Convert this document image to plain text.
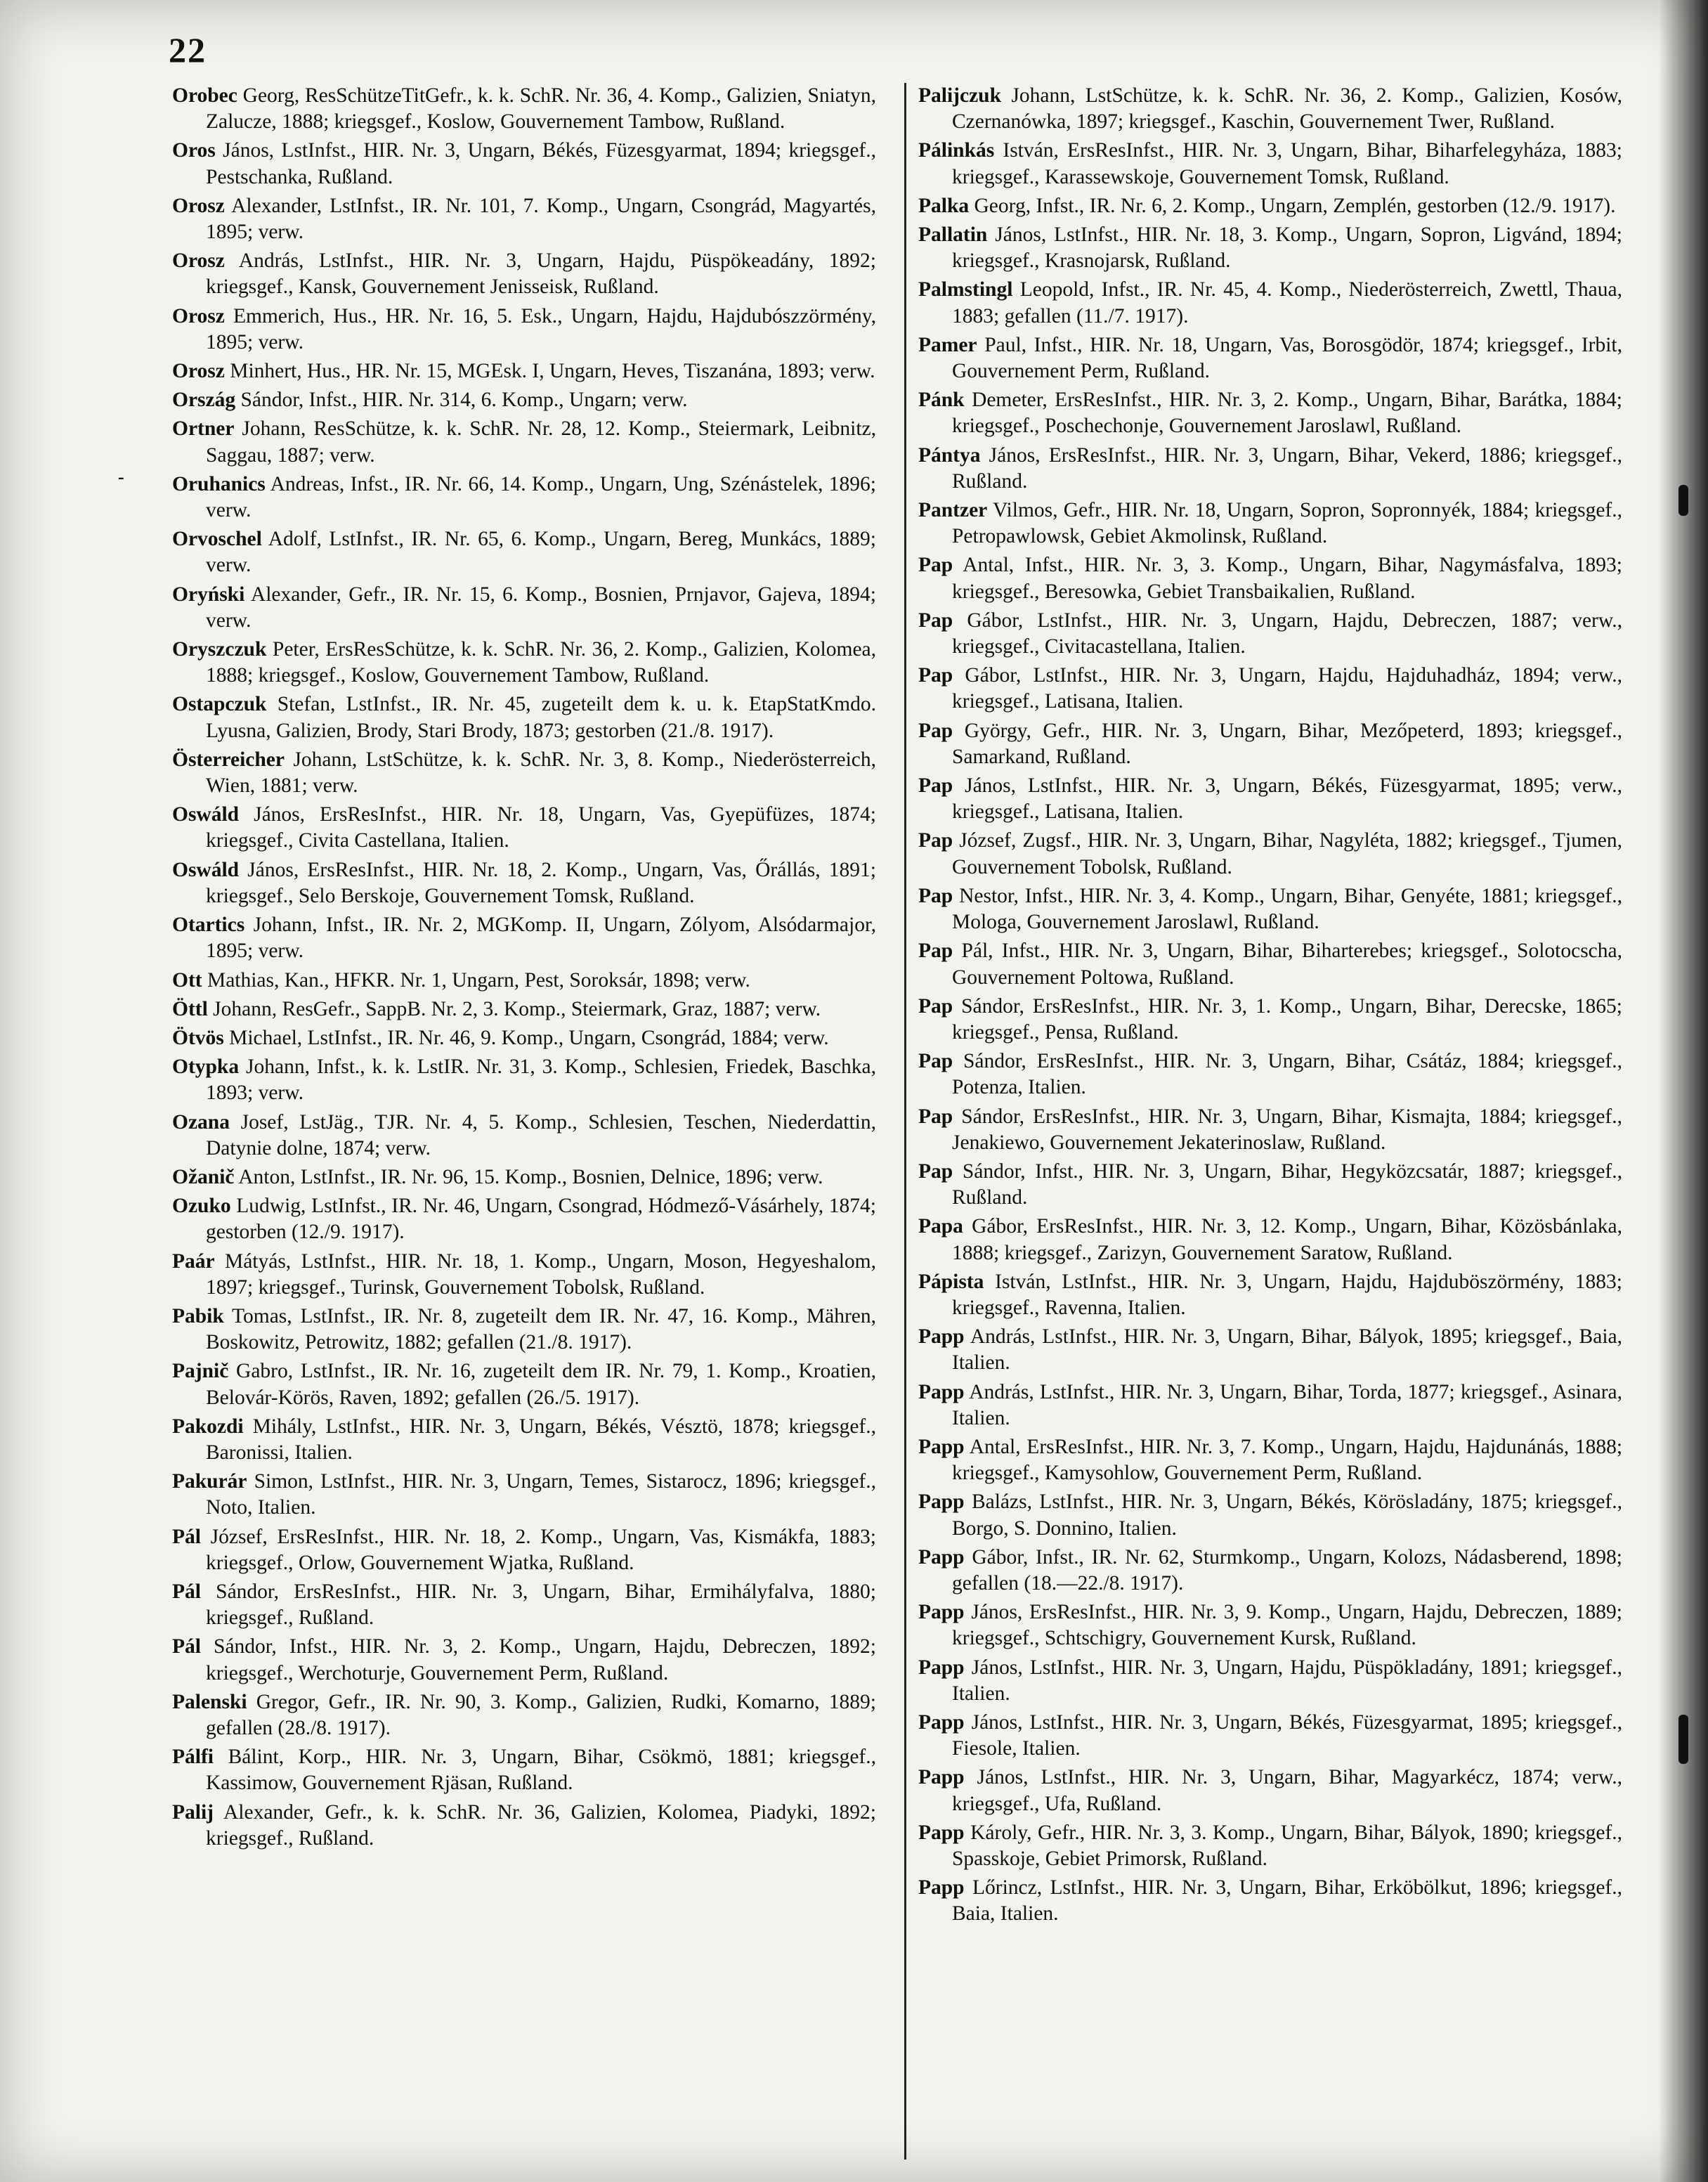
22
-
Orobec Georg, ResSchützeTitGefr., k. k. SchR. Nr. 36, 4. Komp., Galizien, Sniatyn, Zalucze, 1888; kriegsgef., Koslow, Gouvernement Tambow, Rußland.
Oros János, LstInfst., HIR. Nr. 3, Ungarn, Békés, Füzesgyarmat, 1894; kriegsgef., Pestschanka, Rußland.
Orosz Alexander, LstInfst., IR. Nr. 101, 7. Komp., Ungarn, Csongrád, Magyartés, 1895; verw.
Orosz András, LstInfst., HIR. Nr. 3, Ungarn, Hajdu, Püspökeadány, 1892; kriegsgef., Kansk, Gouvernement Jenisseisk, Rußland.
Orosz Emmerich, Hus., HR. Nr. 16, 5. Esk., Ungarn, Hajdu, Hajdubószzörmény, 1895; verw.
Orosz Minhert, Hus., HR. Nr. 15, MGEsk. I, Ungarn, Heves, Tiszanána, 1893; verw.
Ország Sándor, Infst., HIR. Nr. 314, 6. Komp., Ungarn; verw.
Ortner Johann, ResSchütze, k. k. SchR. Nr. 28, 12. Komp., Steiermark, Leibnitz, Saggau, 1887; verw.
Oruhanics Andreas, Infst., IR. Nr. 66, 14. Komp., Ungarn, Ung, Szénástelek, 1896; verw.
Orvoschel Adolf, LstInfst., IR. Nr. 65, 6. Komp., Ungarn, Bereg, Munkács, 1889; verw.
Oryński Alexander, Gefr., IR. Nr. 15, 6. Komp., Bosnien, Prnjavor, Gajeva, 1894; verw.
Oryszczuk Peter, ErsResSchütze, k. k. SchR. Nr. 36, 2. Komp., Galizien, Kolomea, 1888; kriegsgef., Koslow, Gouvernement Tambow, Rußland.
Ostapczuk Stefan, LstInfst., IR. Nr. 45, zugeteilt dem k. u. k. EtapStatKmdo. Lyusna, Galizien, Brody, Stari Brody, 1873; gestorben (21./8. 1917).
Österreicher Johann, LstSchütze, k. k. SchR. Nr. 3, 8. Komp., Niederösterreich, Wien, 1881; verw.
Oswáld János, ErsResInfst., HIR. Nr. 18, Ungarn, Vas, Gyepüfüzes, 1874; kriegsgef., Civita Castellana, Italien.
Oswáld János, ErsResInfst., HIR. Nr. 18, 2. Komp., Ungarn, Vas, Őrállás, 1891; kriegsgef., Selo Berskoje, Gouvernement Tomsk, Rußland.
Otartics Johann, Infst., IR. Nr. 2, MGKomp. II, Ungarn, Zólyom, Alsódarmajor, 1895; verw.
Ott Mathias, Kan., HFKR. Nr. 1, Ungarn, Pest, Soroksár, 1898; verw.
Öttl Johann, ResGefr., SappB. Nr. 2, 3. Komp., Steiermark, Graz, 1887; verw.
Ötvös Michael, LstInfst., IR. Nr. 46, 9. Komp., Ungarn, Csongrád, 1884; verw.
Otypka Johann, Infst., k. k. LstIR. Nr. 31, 3. Komp., Schlesien, Friedek, Baschka, 1893; verw.
Ozana Josef, LstJäg., TJR. Nr. 4, 5. Komp., Schlesien, Teschen, Niederdattin, Datynie dolne, 1874; verw.
Ožanič Anton, LstInfst., IR. Nr. 96, 15. Komp., Bosnien, Delnice, 1896; verw.
Ozuko Ludwig, LstInfst., IR. Nr. 46, Ungarn, Csongrad, Hódmező-Vásárhely, 1874; gestorben (12./9. 1917).
Paár Mátyás, LstInfst., HIR. Nr. 18, 1. Komp., Ungarn, Moson, Hegyeshalom, 1897; kriegsgef., Turinsk, Gouvernement Tobolsk, Rußland.
Pabik Tomas, LstInfst., IR. Nr. 8, zugeteilt dem IR. Nr. 47, 16. Komp., Mähren, Boskowitz, Petrowitz, 1882; gefallen (21./8. 1917).
Pajnič Gabro, LstInfst., IR. Nr. 16, zugeteilt dem IR. Nr. 79, 1. Komp., Kroatien, Belovár-Körös, Raven, 1892; gefallen (26./5. 1917).
Pakozdi Mihály, LstInfst., HIR. Nr. 3, Ungarn, Békés, Vésztö, 1878; kriegsgef., Baronissi, Italien.
Pakurár Simon, LstInfst., HIR. Nr. 3, Ungarn, Temes, Sistarocz, 1896; kriegsgef., Noto, Italien.
Pál József, ErsResInfst., HIR. Nr. 18, 2. Komp., Ungarn, Vas, Kismákfa, 1883; kriegsgef., Orlow, Gouvernement Wjatka, Rußland.
Pál Sándor, ErsResInfst., HIR. Nr. 3, Ungarn, Bihar, Ermihályfalva, 1880; kriegsgef., Rußland.
Pál Sándor, Infst., HIR. Nr. 3, 2. Komp., Ungarn, Hajdu, Debreczen, 1892; kriegsgef., Werchoturje, Gouvernement Perm, Rußland.
Palenski Gregor, Gefr., IR. Nr. 90, 3. Komp., Galizien, Rudki, Komarno, 1889; gefallen (28./8. 1917).
Pálfi Bálint, Korp., HIR. Nr. 3, Ungarn, Bihar, Csökmö, 1881; kriegsgef., Kassimow, Gouvernement Rjäsan, Rußland.
Palij Alexander, Gefr., k. k. SchR. Nr. 36, Galizien, Kolomea, Piadyki, 1892; kriegsgef., Rußland.
Palijczuk Johann, LstSchütze, k. k. SchR. Nr. 36, 2. Komp., Galizien, Kosów, Czernanówka, 1897; kriegsgef., Kaschin, Gouvernement Twer, Rußland.
Pálinkás István, ErsResInfst., HIR. Nr. 3, Ungarn, Bihar, Biharfelegyháza, 1883; kriegsgef., Karassewskoje, Gouvernement Tomsk, Rußland.
Palka Georg, Infst., IR. Nr. 6, 2. Komp., Ungarn, Zemplén, gestorben (12./9. 1917).
Pallatin János, LstInfst., HIR. Nr. 18, 3. Komp., Ungarn, Sopron, Ligvánd, 1894; kriegsgef., Krasnojarsk, Rußland.
Palmstingl Leopold, Infst., IR. Nr. 45, 4. Komp., Niederösterreich, Zwettl, Thaua, 1883; gefallen (11./7. 1917).
Pamer Paul, Infst., HIR. Nr. 18, Ungarn, Vas, Borosgödör, 1874; kriegsgef., Irbit, Gouvernement Perm, Rußland.
Pánk Demeter, ErsResInfst., HIR. Nr. 3, 2. Komp., Ungarn, Bihar, Barátka, 1884; kriegsgef., Poschechonje, Gouvernement Jaroslawl, Rußland.
Pántya János, ErsResInfst., HIR. Nr. 3, Ungarn, Bihar, Vekerd, 1886; kriegsgef., Rußland.
Pantzer Vilmos, Gefr., HIR. Nr. 18, Ungarn, Sopron, Sopronnyék, 1884; kriegsgef., Petropawlowsk, Gebiet Akmolinsk, Rußland.
Pap Antal, Infst., HIR. Nr. 3, 3. Komp., Ungarn, Bihar, Nagymásfalva, 1893; kriegsgef., Beresowka, Gebiet Transbaikalien, Rußland.
Pap Gábor, LstInfst., HIR. Nr. 3, Ungarn, Hajdu, Debreczen, 1887; verw., kriegsgef., Civitacastellana, Italien.
Pap Gábor, LstInfst., HIR. Nr. 3, Ungarn, Hajdu, Hajduhadház, 1894; verw., kriegsgef., Latisana, Italien.
Pap György, Gefr., HIR. Nr. 3, Ungarn, Bihar, Mezőpeterd, 1893; kriegsgef., Samarkand, Rußland.
Pap János, LstInfst., HIR. Nr. 3, Ungarn, Békés, Füzesgyarmat, 1895; verw., kriegsgef., Latisana, Italien.
Pap József, Zugsf., HIR. Nr. 3, Ungarn, Bihar, Nagyléta, 1882; kriegsgef., Tjumen, Gouvernement Tobolsk, Rußland.
Pap Nestor, Infst., HIR. Nr. 3, 4. Komp., Ungarn, Bihar, Genyéte, 1881; kriegsgef., Mologa, Gouvernement Jaroslawl, Rußland.
Pap Pál, Infst., HIR. Nr. 3, Ungarn, Bihar, Biharterebes; kriegsgef., Solotocscha, Gouvernement Poltowa, Rußland.
Pap Sándor, ErsResInfst., HIR. Nr. 3, 1. Komp., Ungarn, Bihar, Derecske, 1865; kriegsgef., Pensa, Rußland.
Pap Sándor, ErsResInfst., HIR. Nr. 3, Ungarn, Bihar, Csátáz, 1884; kriegsgef., Potenza, Italien.
Pap Sándor, ErsResInfst., HIR. Nr. 3, Ungarn, Bihar, Kismajta, 1884; kriegsgef., Jenakiewo, Gouvernement Jekaterinoslaw, Rußland.
Pap Sándor, Infst., HIR. Nr. 3, Ungarn, Bihar, Hegyközcsatár, 1887; kriegsgef., Rußland.
Papa Gábor, ErsResInfst., HIR. Nr. 3, 12. Komp., Ungarn, Bihar, Közösbánlaka, 1888; kriegsgef., Zarizyn, Gouvernement Saratow, Rußland.
Pápista István, LstInfst., HIR. Nr. 3, Ungarn, Hajdu, Hajduböszörmény, 1883; kriegsgef., Ravenna, Italien.
Papp András, LstInfst., HIR. Nr. 3, Ungarn, Bihar, Bályok, 1895; kriegsgef., Baia, Italien.
Papp András, LstInfst., HIR. Nr. 3, Ungarn, Bihar, Torda, 1877; kriegsgef., Asinara, Italien.
Papp Antal, ErsResInfst., HIR. Nr. 3, 7. Komp., Ungarn, Hajdu, Hajdunánás, 1888; kriegsgef., Kamysohlow, Gouvernement Perm, Rußland.
Papp Balázs, LstInfst., HIR. Nr. 3, Ungarn, Békés, Körösladány, 1875; kriegsgef., Borgo, S. Donnino, Italien.
Papp Gábor, Infst., IR. Nr. 62, Sturmkomp., Ungarn, Kolozs, Nádasberend, 1898; gefallen (18.—22./8. 1917).
Papp János, ErsResInfst., HIR. Nr. 3, 9. Komp., Ungarn, Hajdu, Debreczen, 1889; kriegsgef., Schtschigry, Gouvernement Kursk, Rußland.
Papp János, LstInfst., HIR. Nr. 3, Ungarn, Hajdu, Püspökladány, 1891; kriegsgef., Italien.
Papp János, LstInfst., HIR. Nr. 3, Ungarn, Békés, Füzesgyarmat, 1895; kriegsgef., Fiesole, Italien.
Papp János, LstInfst., HIR. Nr. 3, Ungarn, Bihar, Magyarkécz, 1874; verw., kriegsgef., Ufa, Rußland.
Papp Károly, Gefr., HIR. Nr. 3, 3. Komp., Ungarn, Bihar, Bályok, 1890; kriegsgef., Spasskoje, Gebiet Primorsk, Rußland.
Papp Lőrincz, LstInfst., HIR. Nr. 3, Ungarn, Bihar, Erköbölkut, 1896; kriegsgef., Baia, Italien.
